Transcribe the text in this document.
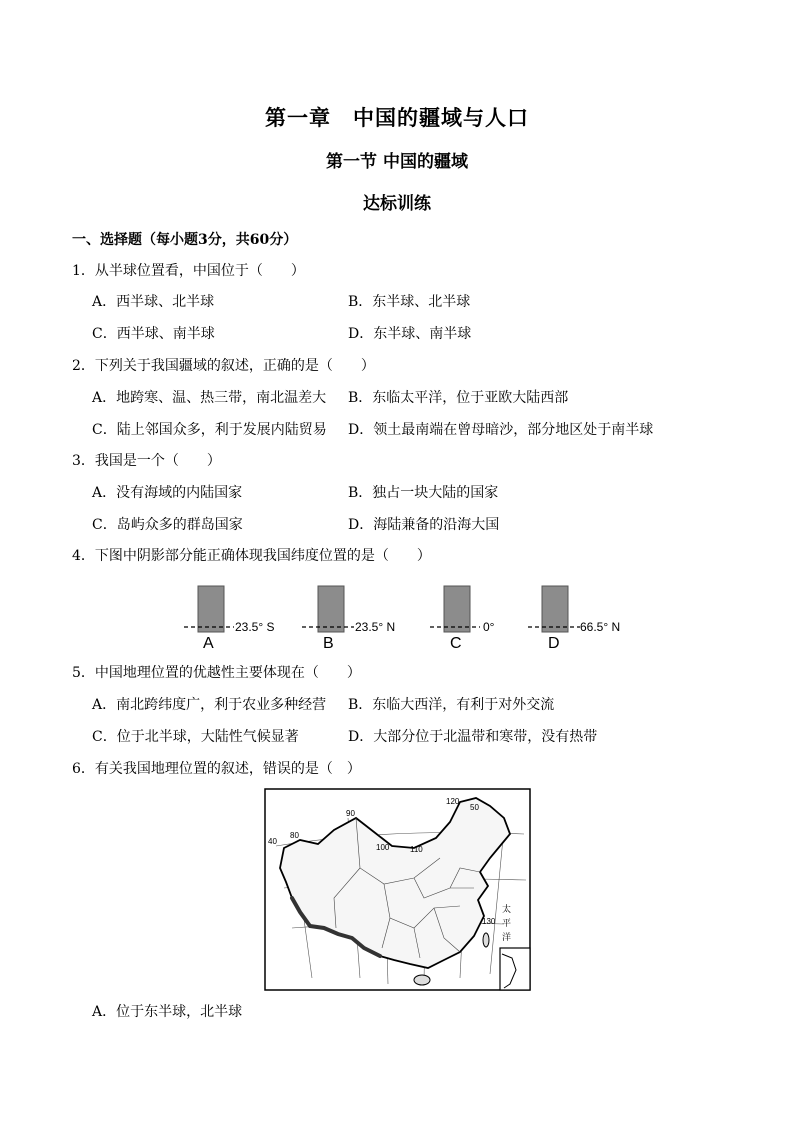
第一章　中国的疆域与人口
第一节 中国的疆域
达标训练
一、选择题（每小题3分，共60分）
1．从半球位置看，中国位于（　　）
A．西半球、北半球	B．东半球、北半球
C．西半球、南半球	D．东半球、南半球
2．下列关于我国疆域的叙述，正确的是（　　）
A．地跨寒、温、热三带，南北温差大 B．东临太平洋，位于亚欧大陆西部
C．陆上邻国众多，利于发展内陆贸易 D．领土最南端在曾母暗沙，部分地区处于南半球
3．我国是一个（　　）
A．没有海域的内陆国家	B．独占一块大陆的国家
C．岛屿众多的群岛国家	D．海陆兼备的沿海大国
4．下图中阴影部分能正确体现我国纬度位置的是（　　）
23.5° S
A
23.5° N
B
0°
C
66.5° N
D
5．中国地理位置的优越性主要体现在（　　）
A．南北跨纬度广，利于农业多种经营 B．东临大西洋，有利于对外交流
C．位于北半球，大陆性气候显著	D．大部分位于北温带和寒带，没有热带
6．有关我国地理位置的叙述，错误的是（　）
40
80
90
100	110
120
50
130
太
平
洋
A．位于东半球，北半球
